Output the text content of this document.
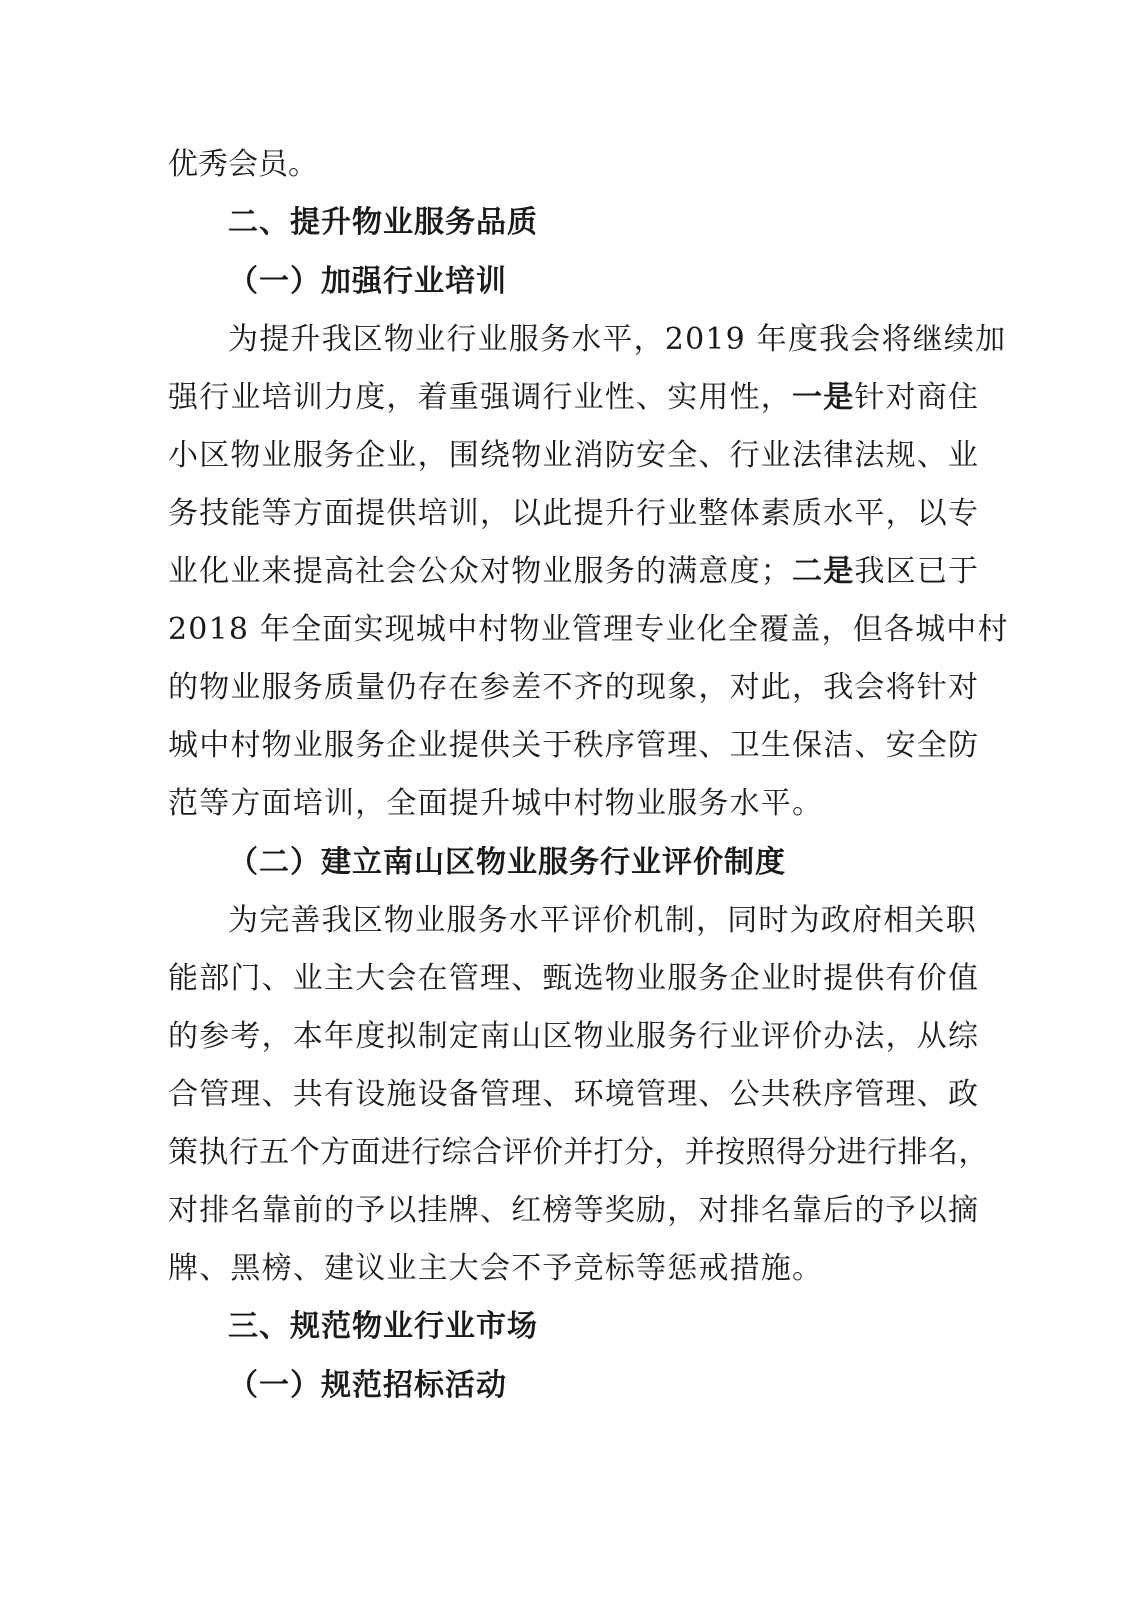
优秀会员。
二、提升物业服务品质
（一）加强行业培训
为提升我区物业行业服务水平，2019 年度我会将继续加
强行业培训力度，着重强调行业性、实用性，一是针对商住
小区物业服务企业，围绕物业消防安全、行业法律法规、业
务技能等方面提供培训，以此提升行业整体素质水平，以专
业化业来提高社会公众对物业服务的满意度；二是我区已于
2018 年全面实现城中村物业管理专业化全覆盖，但各城中村
的物业服务质量仍存在参差不齐的现象，对此，我会将针对
城中村物业服务企业提供关于秩序管理、卫生保洁、安全防
范等方面培训，全面提升城中村物业服务水平。
（二）建立南山区物业服务行业评价制度
为完善我区物业服务水平评价机制，同时为政府相关职
能部门、业主大会在管理、甄选物业服务企业时提供有价值
的参考，本年度拟制定南山区物业服务行业评价办法，从综
合管理、共有设施设备管理、环境管理、公共秩序管理、政
策执行五个方面进行综合评价并打分，并按照得分进行排名，
对排名靠前的予以挂牌、红榜等奖励，对排名靠后的予以摘
牌、黑榜、建议业主大会不予竞标等惩戒措施。
三、规范物业行业市场
（一）规范招标活动
